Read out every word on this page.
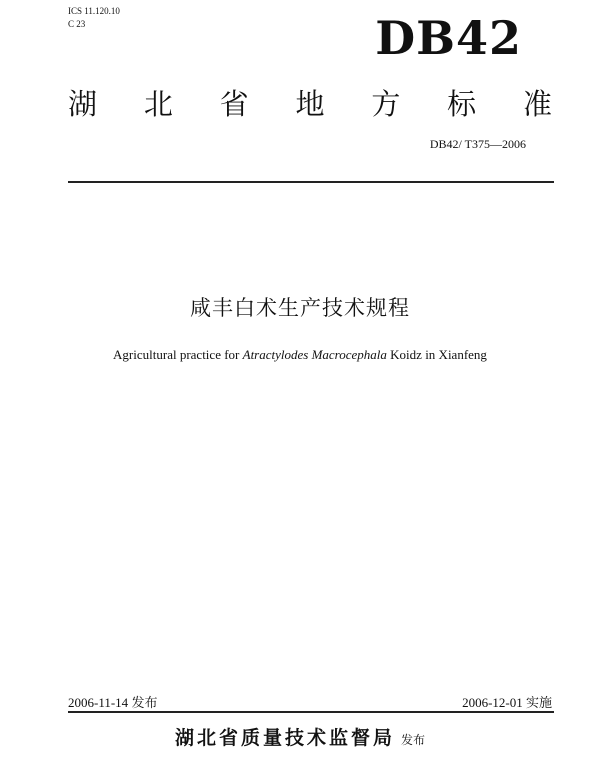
ICS 11.120.10
C 23	DB42
湖 北 省 地 方 标 准
DB42/ T375—2006
咸丰白术生产技术规程
Agricultural practice for Atractylodes Macrocephala Koidz in Xianfeng
2006-11-14 发布	2006-12-01 实施
湖北省质量技术监督局 发布
